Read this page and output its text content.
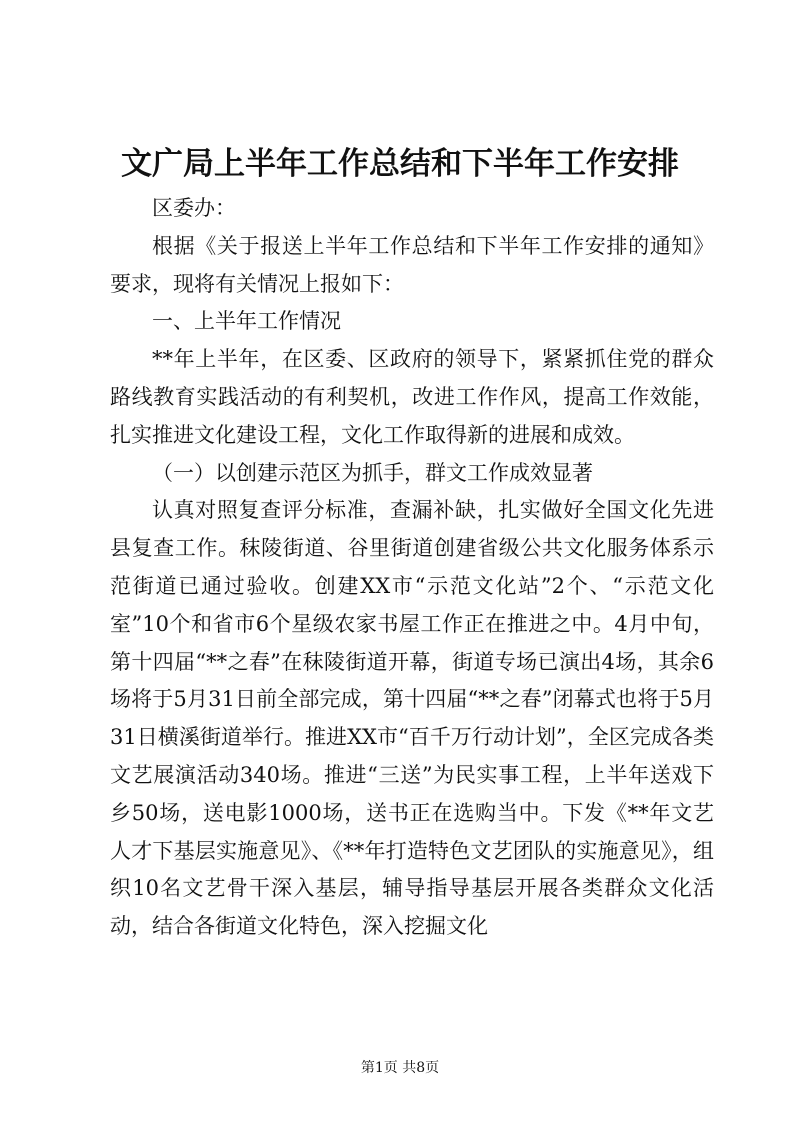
文广局上半年工作总结和下半年工作安排

区委办：

根据《关于报送上半年工作总结和下半年工作安排的通知》要求，现将有关情况上报如下：

一、上半年工作情况

**年上半年，在区委、区政府的领导下，紧紧抓住党的群众路线教育实践活动的有利契机，改进工作作风，提高工作效能，扎实推进文化建设工程，文化工作取得新的进展和成效。

（一）以创建示范区为抓手，群文工作成效显著

认真对照复查评分标准，查漏补缺，扎实做好全国文化先进县复查工作。秣陵街道、谷里街道创建省级公共文化服务体系示范街道已通过验收。创建XX市“示范文化站”2个、“示范文化室”10个和省市6个星级农家书屋工作正在推进之中。4月中旬，第十四届“**之春”在秣陵街道开幕，街道专场已演出4场，其余6场将于5月31日前全部完成，第十四届“**之春”闭幕式也将于5月31日横溪街道举行。推进XX市“百千万行动计划”，全区完成各类文艺展演活动340场。推进“三送”为民实事工程，上半年送戏下乡50场，送电影1000场，送书正在选购当中。下发《**年文艺人才下基层实施意见》、《**年打造特色文艺团队的实施意见》，组织10名文艺骨干深入基层，辅导指导基层开展各类群众文化活动，结合各街道文化特色，深入挖掘文化

第1页 共8页
